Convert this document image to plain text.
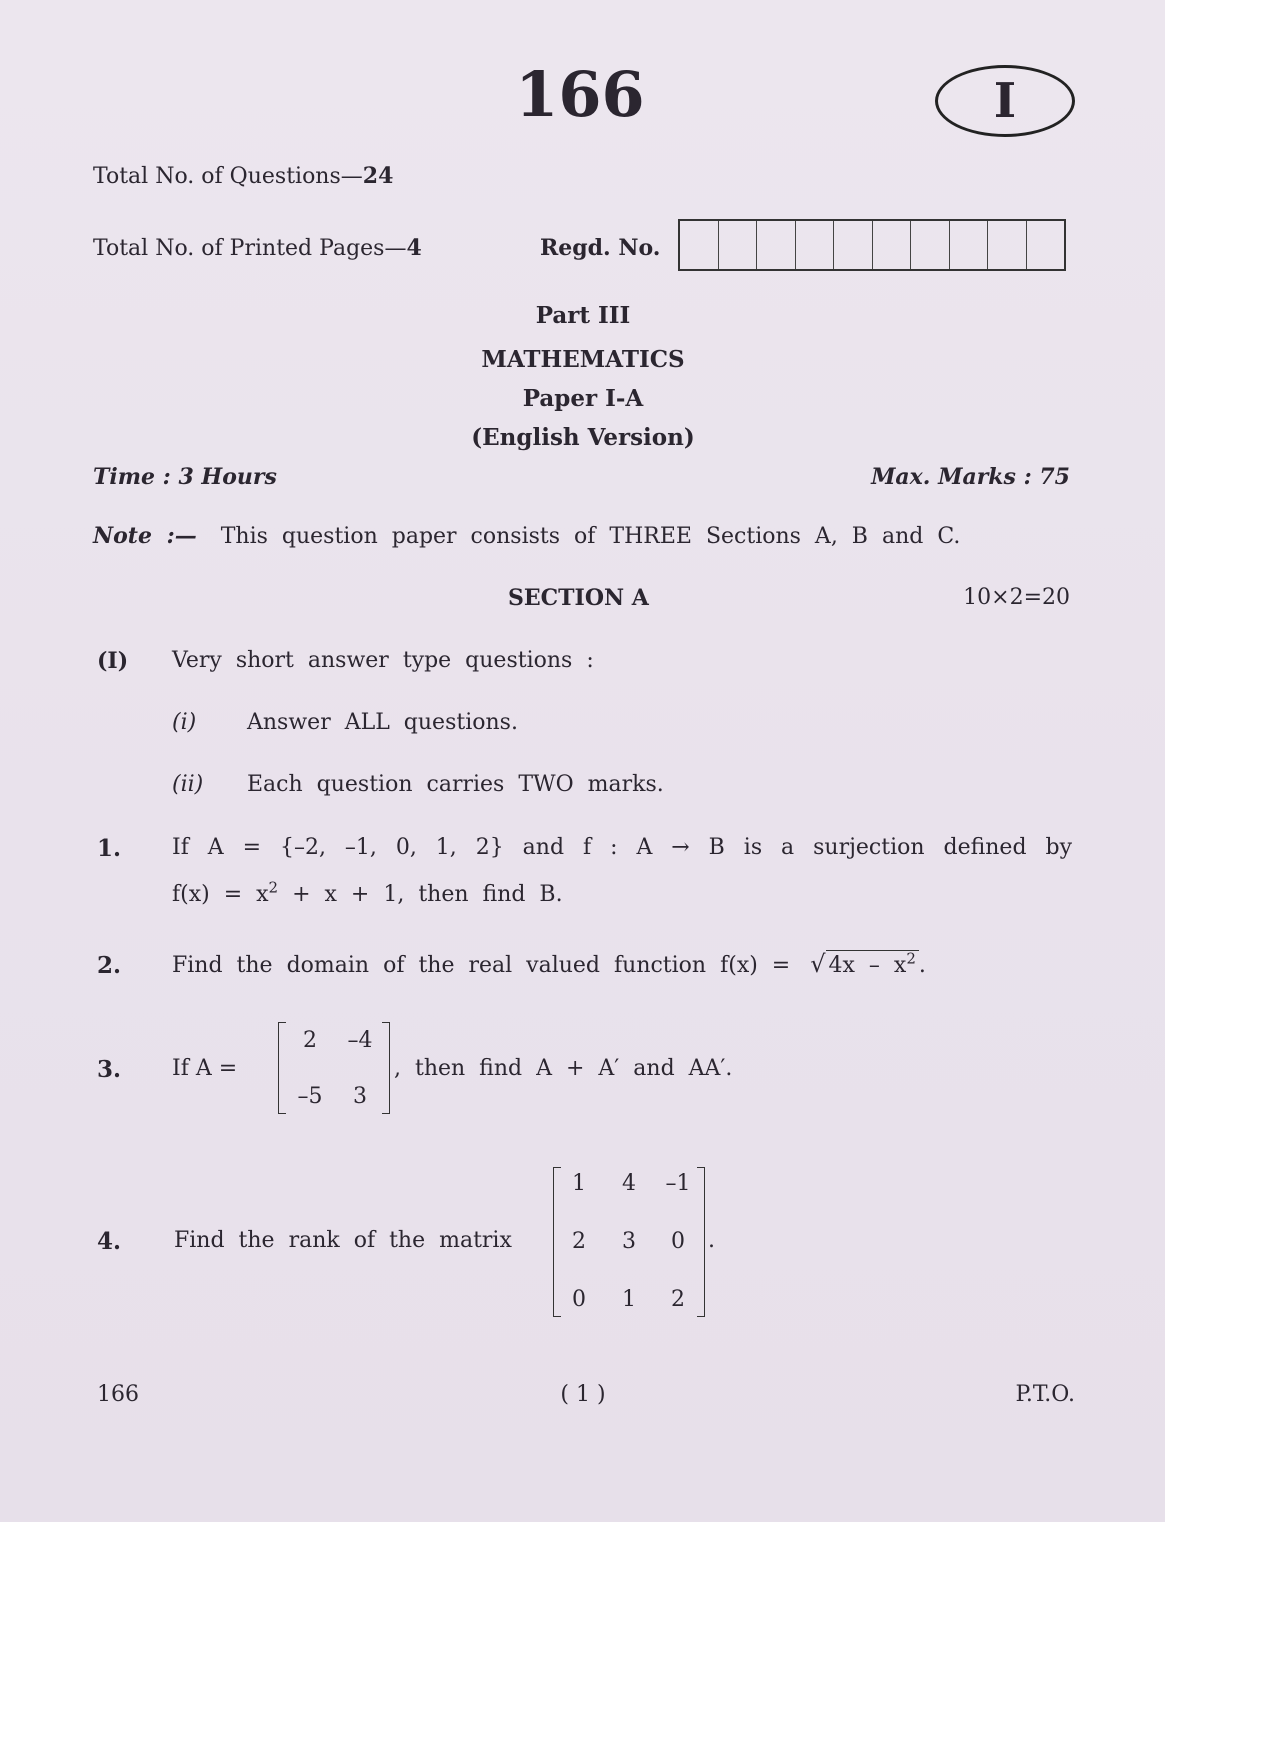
166	I
Total No. of Questions—24
Total No. of Printed Pages—4	Regd. No.
Part III
MATHEMATICS
Paper I-A
(English Version)
Time : 3 Hours	Max. Marks : 75
Note :— This question paper consists of THREE Sections A, B and C.
SECTION A	10×2=20
(I) Very short answer type questions :
(i) Answer ALL questions.
(ii) Each question carries TWO marks.
1. If A = {–2, –1, 0, 1, 2} and f : A → B is a surjection defined by
$f(x) = x^2 + x + 1$, then find B.
2. Find the domain of the real valued function f(x) = √ $4x - x^2$ .
3. If A =
2	–4
–5	3
, then find A + A′ and AA′.
4. Find the rank of the matrix
1	4	–1
2	3	0
0	1	2
.
166	( 1 )	P.T.O.
